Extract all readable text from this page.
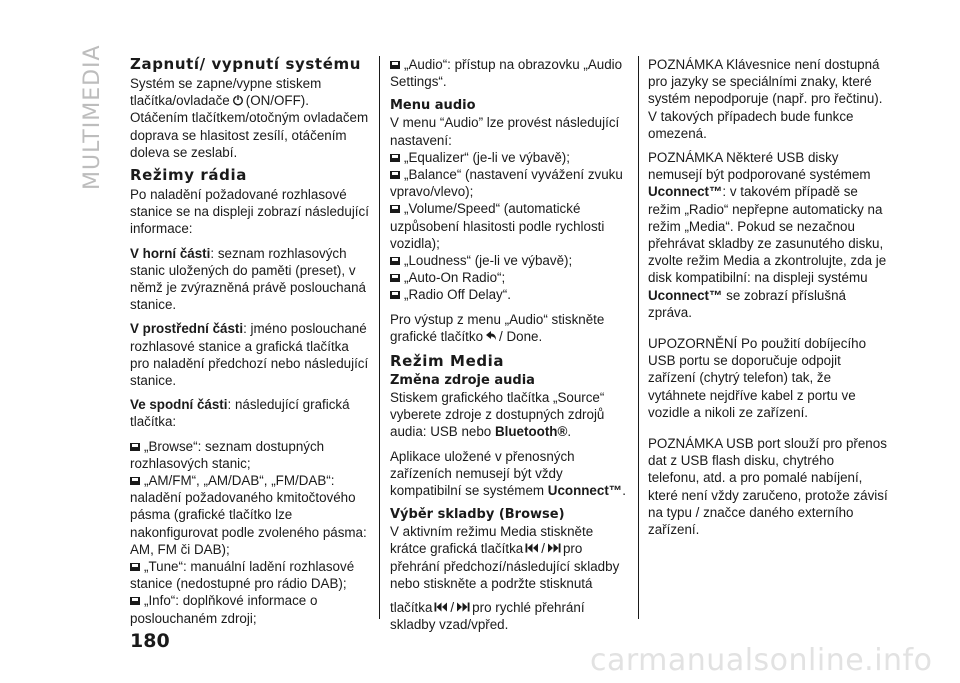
MULTIMEDIA Zapnutí/ vypnutí systému

Systém se zapne/vypne stiskem tlačítka/ovladače (ON/OFF). Otáčením tlačítkem/otočným ovladačem doprava se hlasitost zesílí, otáčením doleva se zeslabí.

Režimy rádia

Po naladění požadované rozhlasové stanice se na displeji zobrazí následující informace:

V horní části: seznam rozhlasových stanic uložených do paměti (preset), v němž je zvýrazněná právě poslouchaná stanice.

V prostřední části: jméno poslouchané rozhlasové stanice a grafická tlačítka pro naladění předchozí nebo následující stanice.

Ve spodní části: následující grafická tlačítka:

„Browse“: seznam dostupných rozhlasových stanic;

„AM/FM“, „AM/DAB“, „FM/DAB“: naladění požadovaného kmitočtového pásma (grafické tlačítko lze nakonfigurovat podle zvoleného pásma: AM, FM či DAB);

„Tune“: manuální ladění rozhlasové stanice (nedostupné pro rádio DAB);

„Info“: doplňkové informace o poslouchaném zdroji;

„Audio“: přístup na obrazovku „Audio Settings“.

Menu audio

V menu “Audio” lze provést následující nastavení:

„Equalizer“ (je-li ve výbavě);

„Balance“ (nastavení vyvážení zvuku vpravo/vlevo);

„Volume/Speed“ (automatické uzpůsobení hlasitosti podle rychlosti vozidla);

„Loudness“ (je-li ve výbavě);

„Auto-On Radio“;

„Radio Off Delay“.

Pro výstup z menu „Audio“ stiskněte grafické tlačítko / Done.

Režim Media
Změna zdroje audia

Stiskem grafického tlačítka „Source“ vyberete zdroje z dostupných zdrojů audia: USB nebo Bluetooth®.

Aplikace uložené v přenosných zařízeních nemusejí být vždy kompatibilní se systémem Uconnect™.

Výběr skladby (Browse)

V aktivním režimu Media stiskněte krátce grafická tlačítka / pro přehrání předchozí/následující skladby nebo stiskněte a podržte stisknutá

tlačítka / pro rychlé přehrání skladby vzad/vpřed.

POZNÁMKA Klávesnice není dostupná pro jazyky se speciálními znaky, které systém nepodporuje (např. pro řečtinu). V takových případech bude funkce omezená.

POZNÁMKA Některé USB disky nemusejí být podporované systémem Uconnect™: v takovém případě se režim „Radio“ nepřepne automaticky na režim „Media“. Pokud se nezačnou přehrávat skladby ze zasunutého disku, zvolte režim Media a zkontrolujte, zda je disk kompatibilní: na displeji systému Uconnect™ se zobrazí příslušná zpráva.

UPOZORNĚNÍ Po použití dobíjecího USB portu se doporučuje odpojit zařízení (chytrý telefon) tak, že vytáhnete nejdříve kabel z portu ve vozidle a nikoli ze zařízení.

POZNÁMKA USB port slouží pro přenos dat z USB flash disku, chytrého telefonu, atd. a pro pomalé nabíjení, které není vždy zaručeno, protože závisí na typu / značce daného externího zařízení.

180
carmanualsonline.info
